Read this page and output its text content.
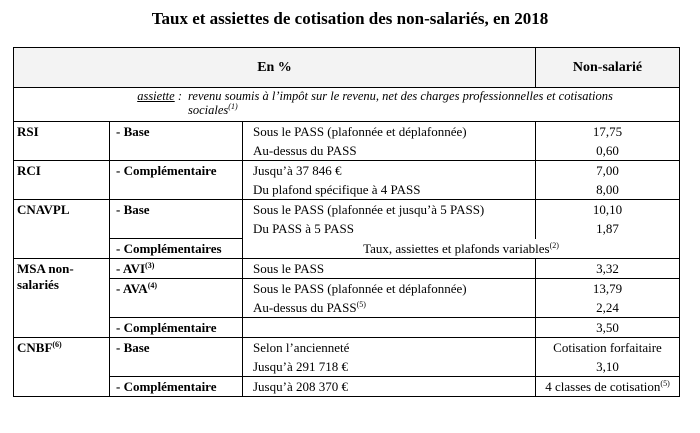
Taux et assiettes de cotisation des non-salariés, en 2018
En %			Non-salarié

assiette : revenu soumis à l’impôt sur le revenu, net des charges professionnelles et cotisations sociales$^{(1)}$

RSI	- Base	Sous le PASS (plafonnée et déplafonnée)	17,75
		Au-dessus du PASS	0,60
RCI	- Complémentaire	Jusqu’à 37 846 €	7,00
		Du plafond spécifique à 4 PASS	8,00
CNAVPL	- Base	Sous le PASS (plafonnée et jusqu’à 5 PASS)	10,10
		Du PASS à 5 PASS	1,87
	- Complémentaires	Taux, assiettes et plafonds variables$^{(2)}$
MSA non-
salariés	- AVI$^{(3)}$	Sous le PASS	3,32
	- AVA$^{(4)}$	Sous le PASS (plafonnée et déplafonnée)	13,79
		Au-dessus du PASS$^{(5)}$	2,24
	- Complémentaire		3,50
CNBF$^{(6)}$	- Base	Selon l’ancienneté	Cotisation forfaitaire
		Jusqu’à 291 718 €	3,10
	- Complémentaire	Jusqu’à 208 370 €	4 classes de cotisation$^{(5)}$
